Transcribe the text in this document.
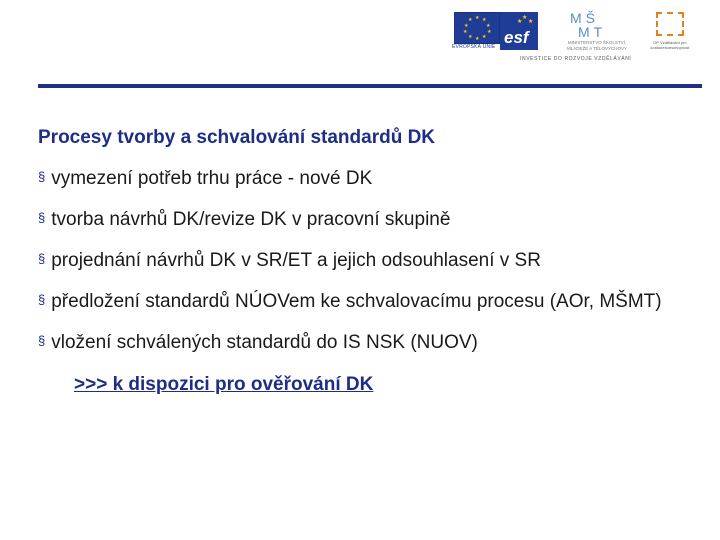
★ ★
★
★
★
★
★
★
★
★
EVROPSKÁ UNIE
★
★
★
esf
MŠ
MT
MINISTERSTVO ŠKOLSTVÍ, MLÁDEŽE A TĚLOVÝCHOVY
OP Vzdělávání pro konkurenceschopnost
INVESTICE DO ROZVOJE VZDĚLÁVÁNÍ
Procesy tvorby a schvalování standardů DK
§ vymezení potřeb trhu práce - nové DK
§ tvorba návrhů DK/revize DK v pracovní skupině
§ projednání návrhů DK v SR/ET a jejich odsouhlasení v SR
§ předložení standardů NÚOVem ke schvalovacímu procesu (AOr, MŠMT)
§ vložení schválených standardů do IS NSK (NUOV)
>>> k dispozici pro ověřování DK
